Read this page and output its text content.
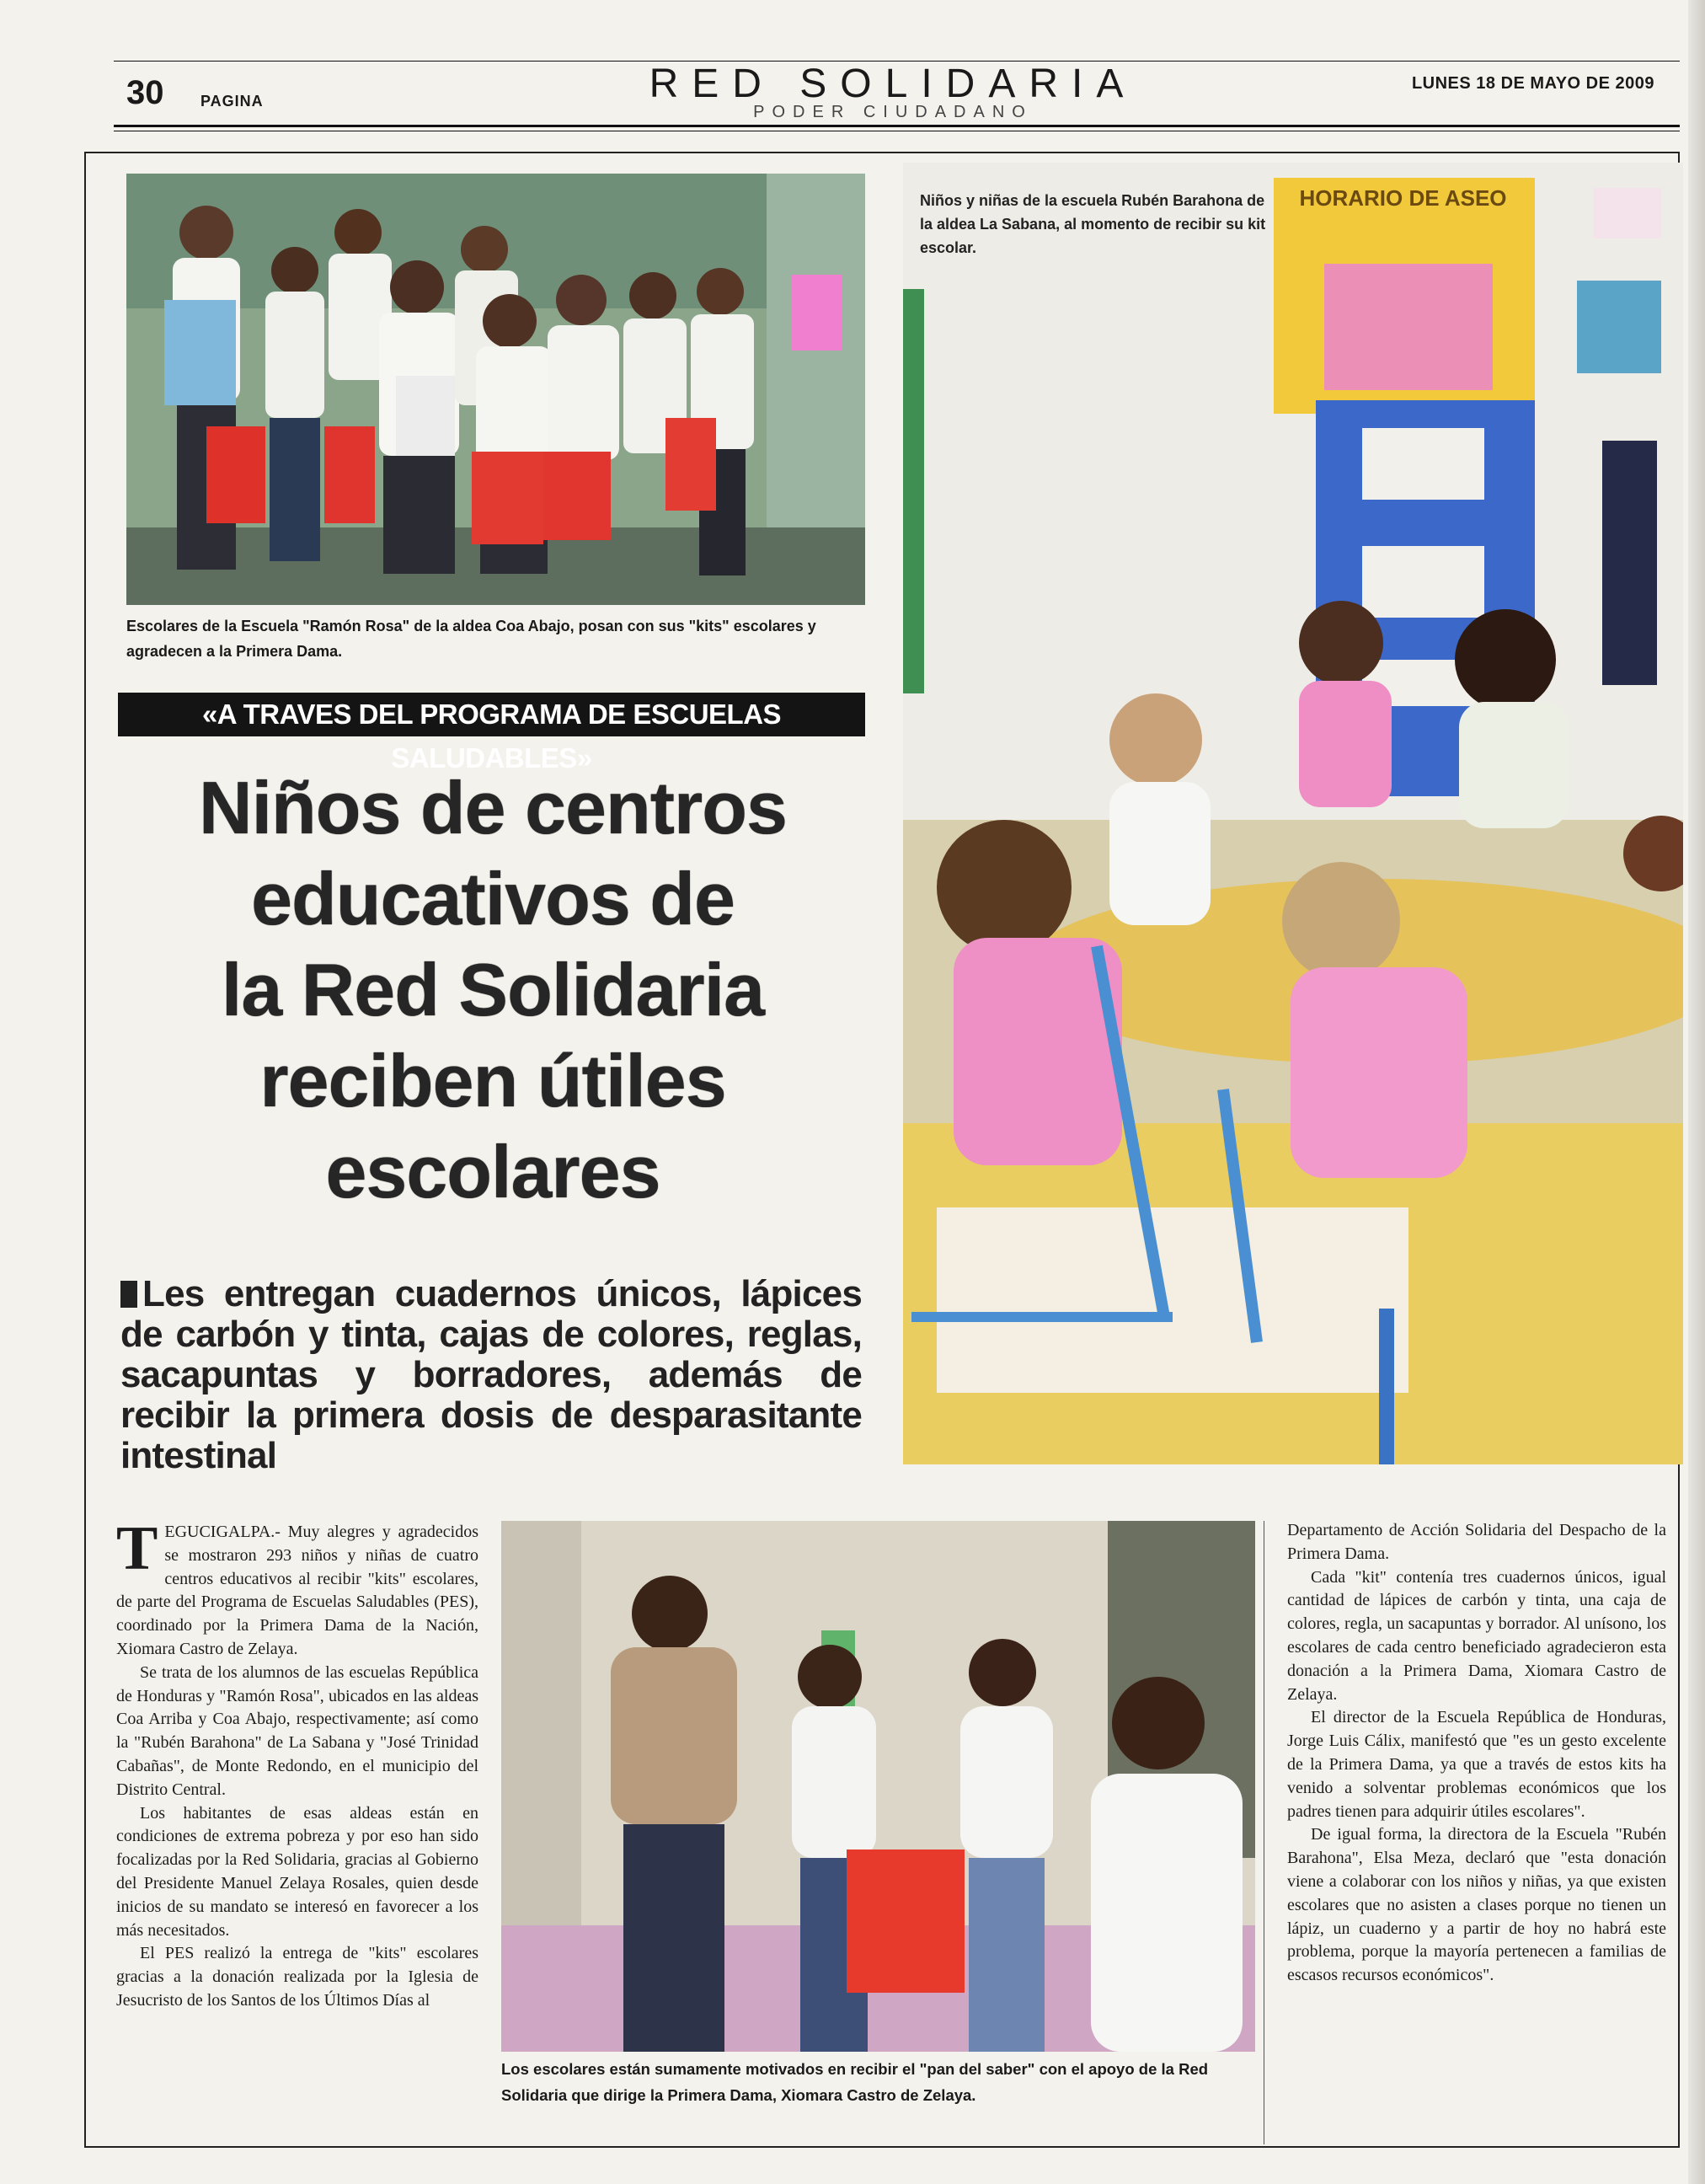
30 PAGINA	RED SOLIDARIA
PODER CIUDADANO
LUNES 18 DE MAYO DE 2009
Escolares de la Escuela "Ramón Rosa" de la aldea Coa Abajo, posan con sus "kits" escolares y agradecen a la Primera Dama.
Niños y niñas de la escuela Rubén Barahona de la aldea La Sabana, al momento de recibir su kit escolar.
HORARIO DE ASEO
«A TRAVES DEL PROGRAMA DE ESCUELAS SALUDABLES»
Niños de centros
educativos de
la Red Solidaria
reciben útiles
escolares
Les entregan cuadernos únicos, lápices de carbón y tinta, cajas de colores, reglas, sacapuntas y borradores, además de recibir la primera dosis de desparasitante intestinal

TEGUCIGALPA.- Muy alegres y agradecidos se mostraron 293 niños y niñas de cuatro centros educativos al recibir "kits" escolares, de parte del Programa de Escuelas Saludables (PES), coordinado por la Primera Dama de la Nación, Xiomara Castro de Zelaya.

Se trata de los alumnos de las escuelas República de Honduras y "Ramón Rosa", ubicados en las aldeas Coa Arriba y Coa Abajo, respectivamente; así como la "Rubén Barahona" de La Sabana y "José Trinidad Cabañas", de Monte Redondo, en el municipio del Distrito Central.

Los habitantes de esas aldeas están en condiciones de extrema pobreza y por eso han sido focalizadas por la Red Solidaria, gracias al Gobierno del Presidente Manuel Zelaya Rosales, quien desde inicios de su mandato se interesó en favorecer a los más necesitados.

El PES realizó la entrega de "kits" escolares gracias a la donación realizada por la Iglesia de Jesucristo de los Santos de los Últimos Días al

Los escolares están sumamente motivados en recibir el "pan del saber" con el apoyo de la Red Solidaria que dirige la Primera Dama, Xiomara Castro de Zelaya.

Departamento de Acción Solidaria del Despacho de la Primera Dama.

Cada "kit" contenía tres cuadernos únicos, igual cantidad de lápices de carbón y tinta, una caja de colores, regla, un sacapuntas y borrador. Al unísono, los escolares de cada centro beneficiado agradecieron esta donación a la Primera Dama, Xiomara Castro de Zelaya.

El director de la Escuela República de Honduras, Jorge Luis Cálix, manifestó que "es un gesto excelente de la Primera Dama, ya que a través de estos kits ha venido a solventar problemas económicos que los padres tienen para adquirir útiles escolares".

De igual forma, la directora de la Escuela "Rubén Barahona", Elsa Meza, declaró que "esta donación viene a colaborar con los niños y niñas, ya que existen escolares que no asisten a clases porque no tienen un lápiz, un cuaderno y a partir de hoy no habrá este problema, porque la mayoría pertenecen a familias de escasos recursos económicos".
